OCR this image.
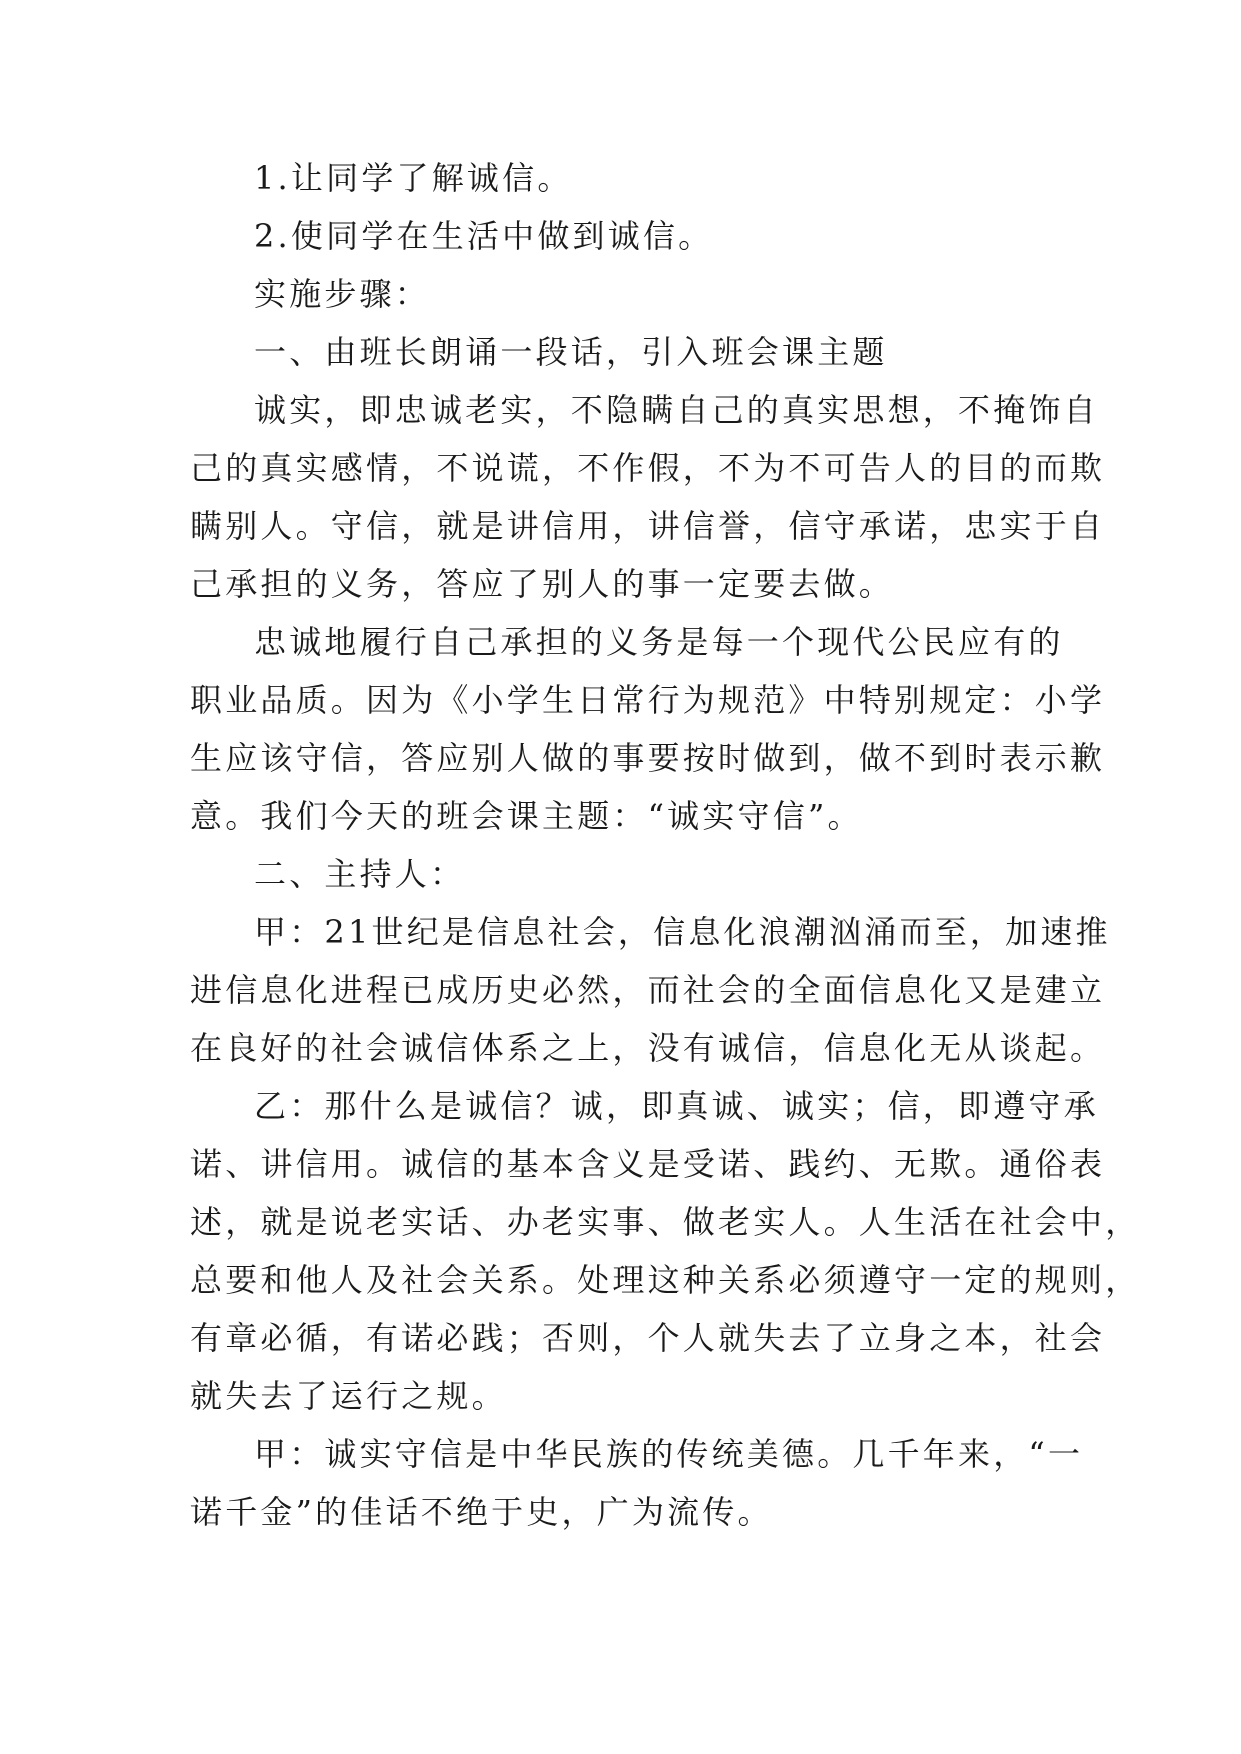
1.让同学了解诚信。
2.使同学在生活中做到诚信。
实施步骤：
一、由班长朗诵一段话，引入班会课主题
诚实，即忠诚老实，不隐瞒自己的真实思想，不掩饰自
己的真实感情，不说谎，不作假，不为不可告人的目的而欺
瞒别人。守信，就是讲信用，讲信誉，信守承诺，忠实于自
己承担的义务，答应了别人的事一定要去做。
忠诚地履行自己承担的义务是每一个现代公民应有的
职业品质。因为《小学生日常行为规范》中特别规定：小学
生应该守信，答应别人做的事要按时做到，做不到时表示歉
意。我们今天的班会课主题：“诚实守信”。
二、主持人：
甲：21世纪是信息社会，信息化浪潮汹涌而至，加速推
进信息化进程已成历史必然，而社会的全面信息化又是建立
在良好的社会诚信体系之上，没有诚信，信息化无从谈起。
乙：那什么是诚信？诚，即真诚、诚实；信，即遵守承
诺、讲信用。诚信的基本含义是受诺、践约、无欺。通俗表
述，就是说老实话、办老实事、做老实人。人生活在社会中，
总要和他人及社会关系。处理这种关系必须遵守一定的规则，
有章必循，有诺必践；否则，个人就失去了立身之本，社会
就失去了运行之规。
甲：诚实守信是中华民族的传统美德。几千年来，“一
诺千金”的佳话不绝于史，广为流传。
